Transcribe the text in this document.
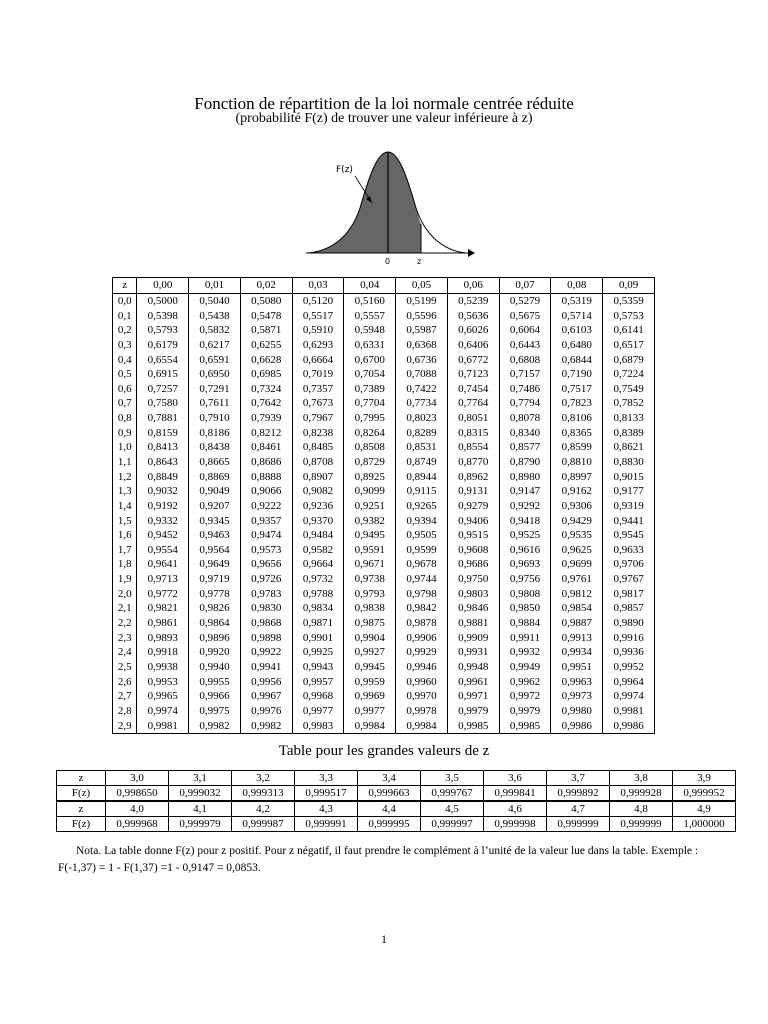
Fonction de répartition de la loi normale centrée réduite
(probabilité F(z) de trouver une valeur inférieure à z)
F(z)
0	z
z	0,00	0,01	0,02	0,03	0,04	0,05	0,06	0,07	0,08	0,09
0,0	0,5000	0,5040	0,5080	0,5120	0,5160	0,5199	0,5239	0,5279	0,5319	0,5359
0,1	0,5398	0,5438	0,5478	0,5517	0,5557	0,5596	0,5636	0,5675	0,5714	0,5753
0,2	0,5793	0,5832	0,5871	0,5910	0,5948	0,5987	0,6026	0,6064	0,6103	0,6141
0,3	0,6179	0,6217	0,6255	0,6293	0,6331	0,6368	0,6406	0,6443	0,6480	0,6517
0,4	0,6554	0,6591	0,6628	0,6664	0,6700	0,6736	0,6772	0,6808	0,6844	0,6879
0,5	0,6915	0,6950	0,6985	0,7019	0,7054	0,7088	0,7123	0,7157	0,7190	0,7224
0,6	0,7257	0,7291	0,7324	0,7357	0,7389	0,7422	0,7454	0,7486	0,7517	0,7549
0,7	0,7580	0,7611	0,7642	0,7673	0,7704	0,7734	0,7764	0,7794	0,7823	0,7852
0,8	0,7881	0,7910	0,7939	0,7967	0,7995	0,8023	0,8051	0,8078	0,8106	0,8133
0,9	0,8159	0,8186	0,8212	0,8238	0,8264	0,8289	0,8315	0,8340	0,8365	0,8389
1,0	0,8413	0,8438	0,8461	0,8485	0,8508	0,8531	0,8554	0,8577	0,8599	0,8621
1,1	0,8643	0,8665	0,8686	0,8708	0,8729	0,8749	0,8770	0,8790	0,8810	0,8830
1,2	0,8849	0,8869	0,8888	0,8907	0,8925	0,8944	0,8962	0,8980	0,8997	0,9015
1,3	0,9032	0,9049	0,9066	0,9082	0,9099	0,9115	0,9131	0,9147	0,9162	0,9177
1,4	0,9192	0,9207	0,9222	0,9236	0,9251	0,9265	0,9279	0,9292	0,9306	0,9319
1,5	0,9332	0,9345	0,9357	0,9370	0,9382	0,9394	0,9406	0,9418	0,9429	0,9441
1,6	0,9452	0,9463	0,9474	0,9484	0,9495	0,9505	0,9515	0,9525	0,9535	0,9545
1,7	0,9554	0,9564	0,9573	0,9582	0,9591	0,9599	0,9608	0,9616	0,9625	0,9633
1,8	0,9641	0,9649	0,9656	0,9664	0,9671	0,9678	0,9686	0,9693	0,9699	0,9706
1,9	0,9713	0,9719	0,9726	0,9732	0,9738	0,9744	0,9750	0,9756	0,9761	0,9767
2,0	0,9772	0,9778	0,9783	0,9788	0,9793	0,9798	0,9803	0,9808	0,9812	0,9817
2,1	0,9821	0,9826	0,9830	0,9834	0,9838	0,9842	0,9846	0,9850	0,9854	0,9857
2,2	0,9861	0,9864	0,9868	0,9871	0,9875	0,9878	0,9881	0,9884	0,9887	0,9890
2,3	0,9893	0,9896	0,9898	0,9901	0,9904	0,9906	0,9909	0,9911	0,9913	0,9916
2,4	0,9918	0,9920	0,9922	0,9925	0,9927	0,9929	0,9931	0,9932	0,9934	0,9936
2,5	0,9938	0,9940	0,9941	0,9943	0,9945	0,9946	0,9948	0,9949	0,9951	0,9952
2,6	0,9953	0,9955	0,9956	0,9957	0,9959	0,9960	0,9961	0,9962	0,9963	0,9964
2,7	0,9965	0,9966	0,9967	0,9968	0,9969	0,9970	0,9971	0,9972	0,9973	0,9974
2,8	0,9974	0,9975	0,9976	0,9977	0,9977	0,9978	0,9979	0,9979	0,9980	0,9981
2,9	0,9981	0,9982	0,9982	0,9983	0,9984	0,9984	0,9985	0,9985	0,9986	0,9986
Table pour les grandes valeurs de z
z	3,0	3,1	3,2	3,3	3,4	3,5	3,6	3,7	3,8	3,9
F(z)	0,998650	0,999032	0,999313	0,999517	0,999663	0,999767	0,999841	0,999892	0,999928	0,999952
z	4,0	4,1	4,2	4,3	4,4	4,5	4,6	4,7	4,8	4,9
F(z)	0,999968	0,999979	0,999987	0,999991	0,999995	0,999997	0,999998	0,999999	0,999999	1,000000
Nota. La table donne F(z) pour z positif. Pour z négatif, il faut prendre le complément à l’unité de la valeur lue dans la table. Exemple : F(-1,37) = 1 - F(1,37) =1 - 0,9147 = 0,0853.
1
